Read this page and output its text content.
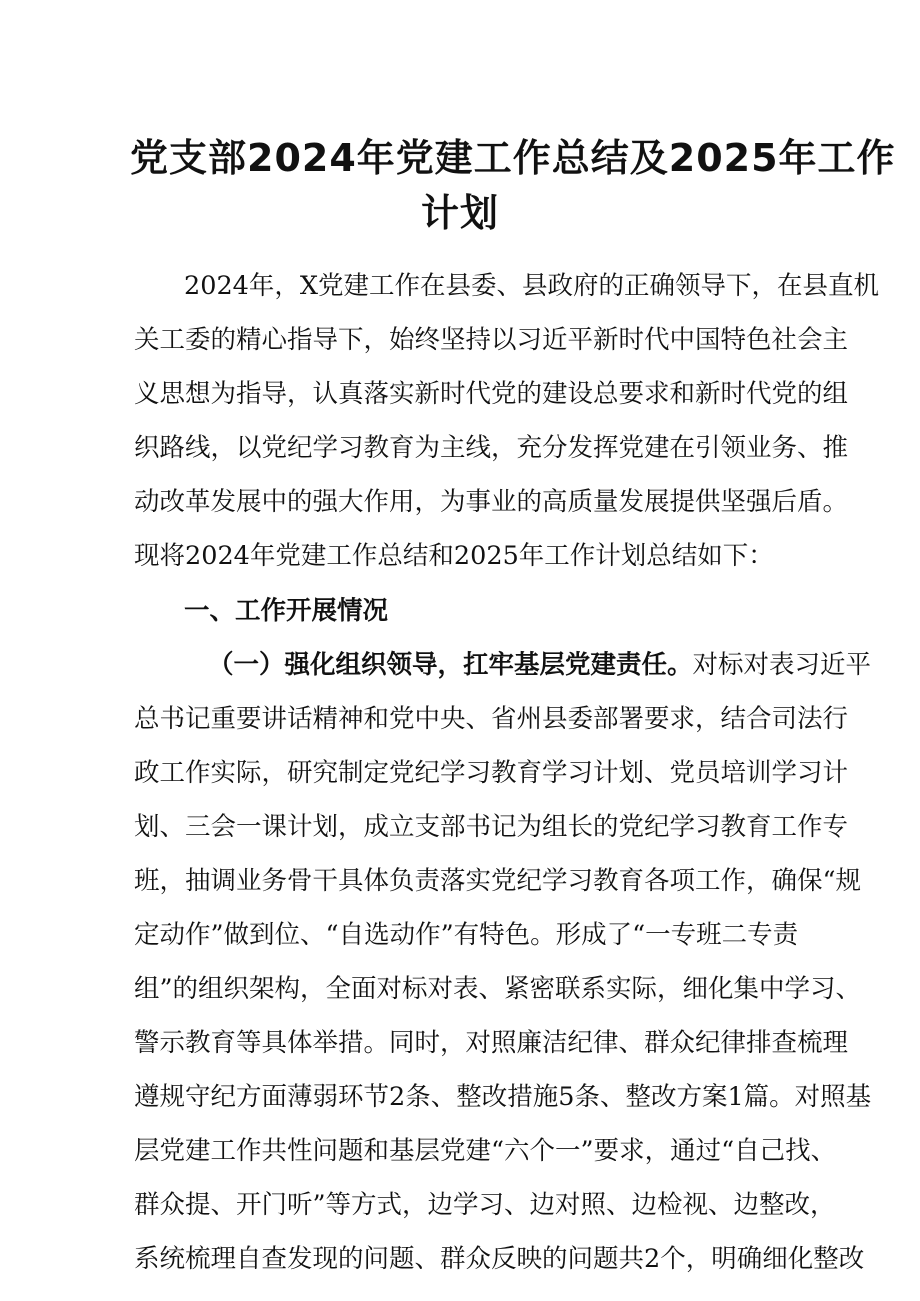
党支部2024年党建工作总结及2025年工作
计划
2024年，X党建工作在县委、县政府的正确领导下，在县直机
关工委的精心指导下，始终坚持以习近平新时代中国特色社会主
义思想为指导，认真落实新时代党的建设总要求和新时代党的组
织路线，以党纪学习教育为主线，充分发挥党建在引领业务、推
动改革发展中的强大作用，为事业的高质量发展提供坚强后盾。
现将2024年党建工作总结和2025年工作计划总结如下：
一、工作开展情况
（一）强化组织领导，扛牢基层党建责任。对标对表习近平
总书记重要讲话精神和党中央、省州县委部署要求，结合司法行
政工作实际，研究制定党纪学习教育学习计划、党员培训学习计
划、三会一课计划，成立支部书记为组长的党纪学习教育工作专
班，抽调业务骨干具体负责落实党纪学习教育各项工作，确保“规
定动作”做到位、“自选动作”有特色。形成了“一专班二专责
组”的组织架构，全面对标对表、紧密联系实际，细化集中学习、
警示教育等具体举措。同时，对照廉洁纪律、群众纪律排查梳理
遵规守纪方面薄弱环节2条、整改措施5条、整改方案1篇。对照基
层党建工作共性问题和基层党建“六个一”要求，通过“自己找、
群众提、开门听”等方式，边学习、边对照、边检视、边整改，
系统梳理自查发现的问题、群众反映的问题共2个，明确细化整改
